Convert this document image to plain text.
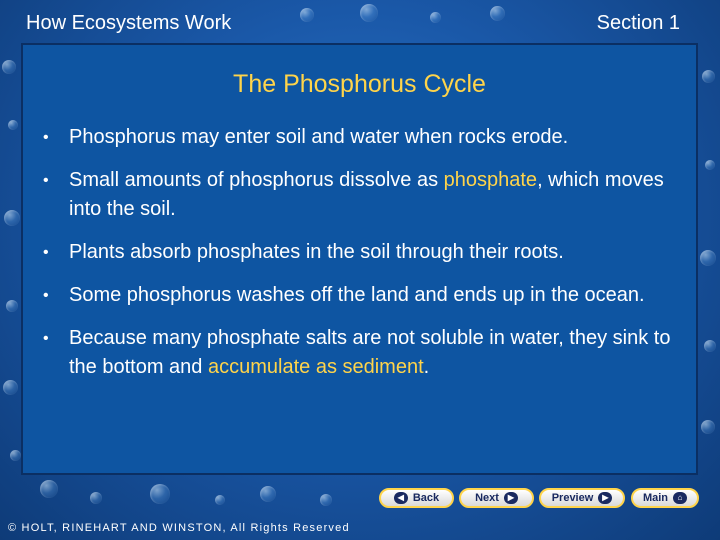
How Ecosystems Work	Section 1
The Phosphorus Cycle
• Phosphorus may enter soil and water when rocks erode.
• Small amounts of phosphorus dissolve as phosphate, which moves into the soil.
• Plants absorb phosphates in the soil through their roots.
• Some phosphorus washes off the land and ends up in the ocean.
• Because many phosphate salts are not soluble in water, they sink to the bottom and accumulate as sediment.
◀ Back	Next	▶	Preview	▶	Main	⌂
© HOLT, RINEHART AND WINSTON, All Rights Reserved
